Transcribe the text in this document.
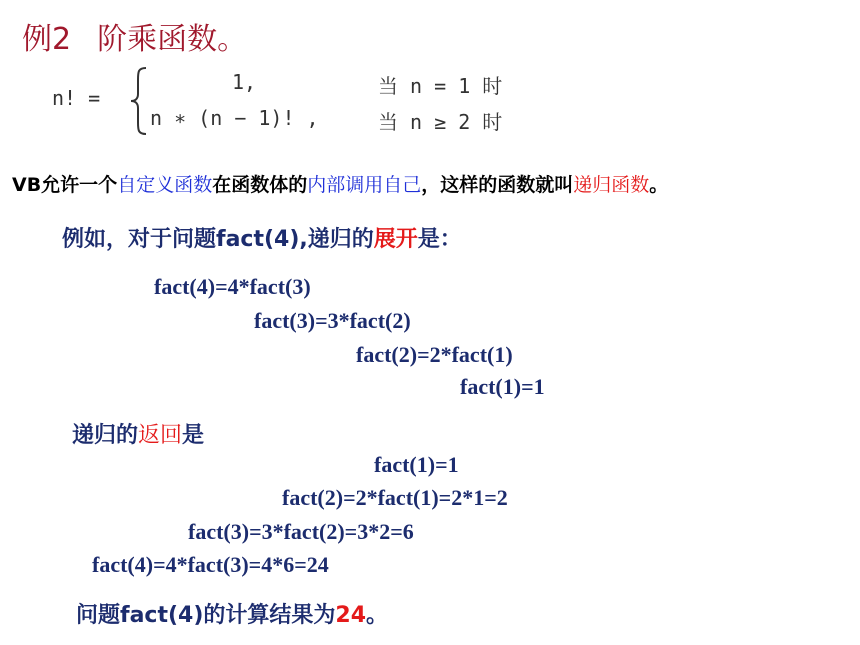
例2 阶乘函数。
n! =
1,	当 n = 1 时
n ∗ (n − 1)! ,	当 n ≥ 2 时
VB允许一个自定义函数在函数体的内部调用自己，这样的函数就叫递归函数。
例如，对于问题fact(4),递归的展开是：
fact(4)=4*fact(3)
fact(3)=3*fact(2)
fact(2)=2*fact(1)
fact(1)=1
递归的返回是
fact(1)=1
fact(2)=2*fact(1)=2*1=2
fact(3)=3*fact(2)=3*2=6
fact(4)=4*fact(3)=4*6=24
问题fact(4)的计算结果为24。
